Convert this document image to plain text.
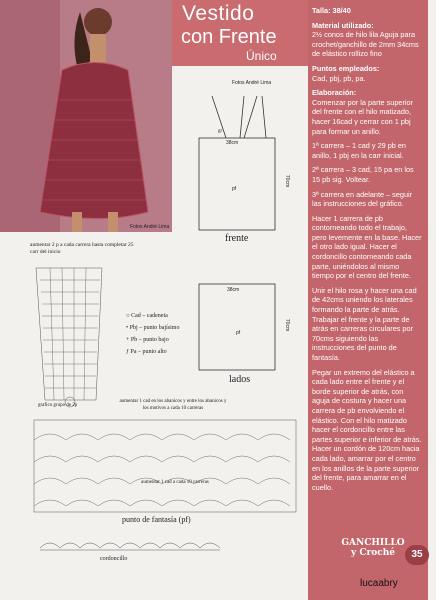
Fotos André Lima
Vestido
con Frente
Único
Fotos André Lima
gr
38cm
pf
70cm
frente
38cm
pf
70cm
lados
aumentar 2 p a cada carrera hasta completar 25 carr del inicio
grafico grupo de 2p
○ Cad – cadeneta
• Pbj – punto bajísimo
+ Pb – punto bajo
ƒ Pa – punto alto
aumentar 1 cad en los abanicos y entre los abanicos y los motivos a cada 10 carreras
aumentar 1 cad a cada 10 carreras
punto de fantasía (pf)
cordoncillo

Talla: 38/40

Material utilizado:
2½ conos de hilo lila Aguja para crochet/ganchillo de 2mm 34cms de elástico rollizo fino

Puntos empleados:
Cad, pbj, pb, pa.

Elaboración:
Comenzar por la parte superior del frente con el hilo matizado, hacer 16cad y cerrar con 1 pbj para formar un anillo.

1ª carrera – 1 cad y 29 pb en anillo, 1 pbj en la carr inicial.

2ª carrera – 3 cad, 15 pa en los 15 pb sig. Voltear.

3ª carrera en adelante – seguir las instrucciones del gráfico.

Hacer 1 carrera de pb contorneando todo el trabajo, pero levemente en la base. Hacer el otro lado igual. Hacer el cordoncillo contorneando cada parte, uniéndolos al mismo tiempo por el centro del frente.

Unir el hilo rosa y hacer una cad de 42cms uniendo los laterales formando la parte de atrás. Trabajar el frente y la parte de atrás en carreras circulares por 70cms siguiendo las instrucciones del punto de fantasía.

Pegar un extremo del elástico a cada lado entre el frente y el borde superior de atrás, con aguja de costura y hacer una carrera de pb envolviendo el elástico. Con el hilo matizado hacer el cordoncillo entre las partes superior e inferior de atrás. Hacer un cordón de 120cm hacia cada lado, amarrar por el centro en los anillos de la parte superior del frente, para amarrar en el cuello.

GANCHILLO
y Croché	35
lucaabry
